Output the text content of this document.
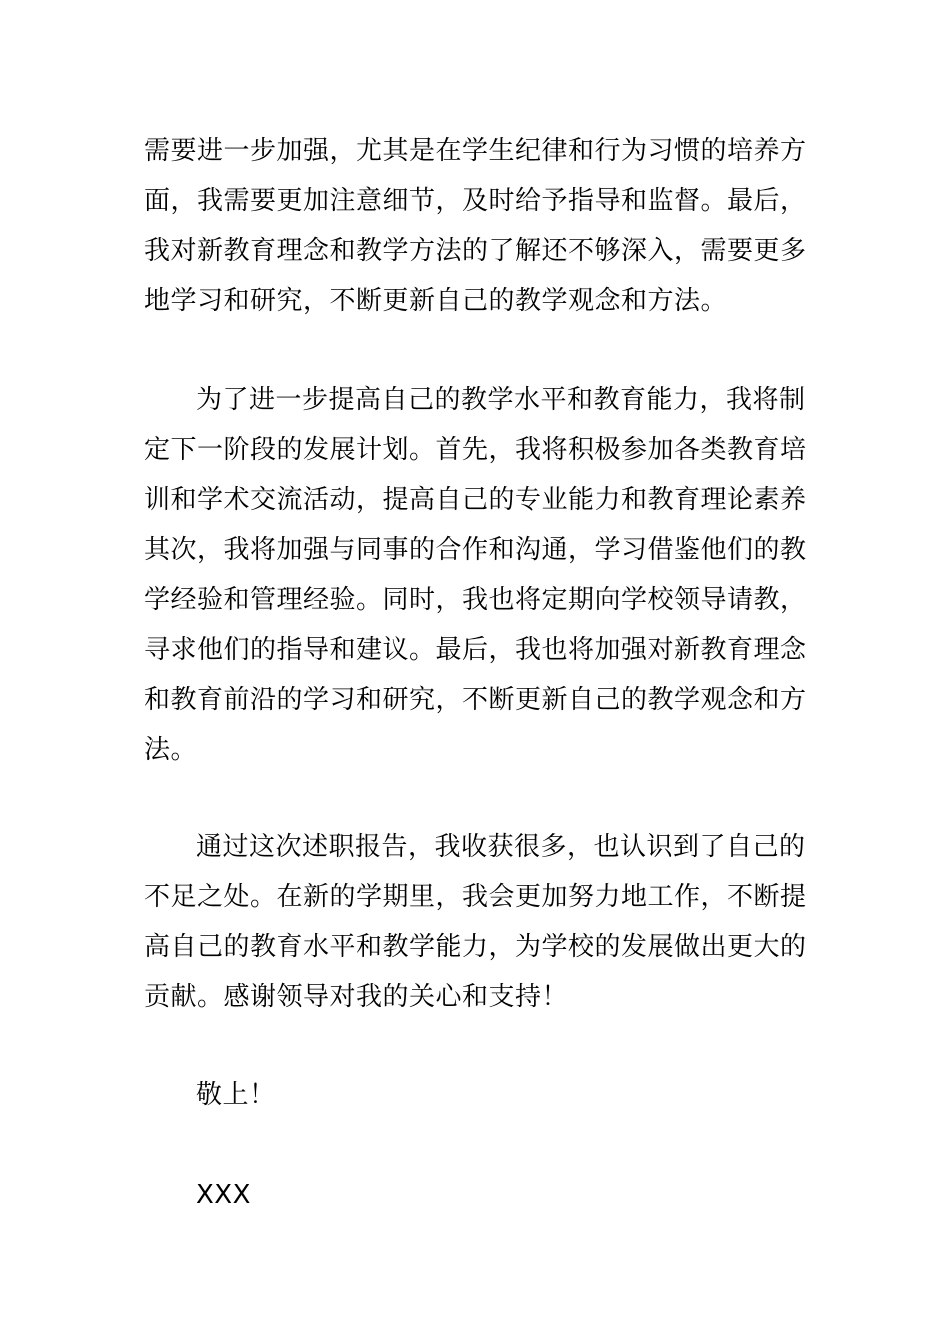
需要进一步加强，尤其是在学生纪律和行为习惯的培养方
面，我需要更加注意细节，及时给予指导和监督。最后，
我对新教育理念和教学方法的了解还不够深入，需要更多
地学习和研究，不断更新自己的教学观念和方法。
为了进一步提高自己的教学水平和教育能力，我将制
定下一阶段的发展计划。首先，我将积极参加各类教育培
训和学术交流活动，提高自己的专业能力和教育理论素养
其次，我将加强与同事的合作和沟通，学习借鉴他们的教
学经验和管理经验。同时，我也将定期向学校领导请教，
寻求他们的指导和建议。最后，我也将加强对新教育理念
和教育前沿的学习和研究，不断更新自己的教学观念和方
法。
通过这次述职报告，我收获很多，也认识到了自己的
不足之处。在新的学期里，我会更加努力地工作，不断提
高自己的教育水平和教学能力，为学校的发展做出更大的
贡献。感谢领导对我的关心和支持！
敬上！
XXX
